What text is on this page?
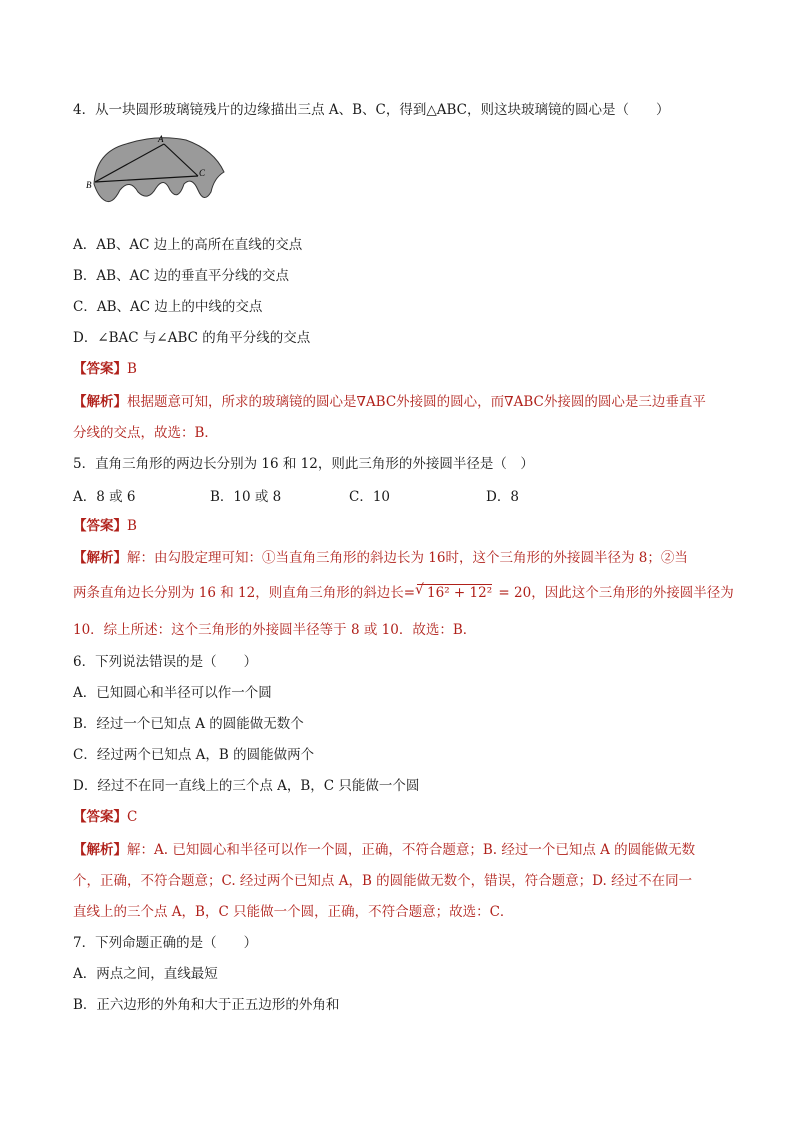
4．从一块圆形玻璃镜残片的边缘描出三点 A、B、C，得到△ABC，则这块玻璃镜的圆心是（　　）
A
B
C
A．AB、AC 边上的高所在直线的交点
B．AB、AC 边的垂直平分线的交点
C．AB、AC 边上的中线的交点
D．∠BAC 与∠ABC 的角平分线的交点
【答案】B
【解析】根据题意可知，所求的玻璃镜的圆心是∇ABC外接圆的圆心，而∇ABC外接圆的圆心是三边垂直平
分线的交点，故选：B．
5．直角三角形的两边长分别为 16 和 12，则此三角形的外接圆半径是（　）
A．8 或 6	B．10 或 8	C．10	D．8
【答案】B
【解析】解：由勾股定理可知：①当直角三角形的斜边长为 16时，这个三角形的外接圆半径为 8；②当
两条直角边长分别为 16 和 12，则直角三角形的斜边长=√ 16² + 12² = 20，因此这个三角形的外接圆半径为
10．综上所述：这个三角形的外接圆半径等于 8 或 10．故选：B．
6．下列说法错误的是（　　）
A．已知圆心和半径可以作一个圆
B．经过一个已知点 A 的圆能做无数个
C．经过两个已知点 A，B 的圆能做两个
D．经过不在同一直线上的三个点 A，B，C 只能做一个圆
【答案】C
【解析】解：A. 已知圆心和半径可以作一个圆，正确，不符合题意；B. 经过一个已知点 A 的圆能做无数
个，正确，不符合题意；C. 经过两个已知点 A，B 的圆能做无数个，错误，符合题意；D. 经过不在同一
直线上的三个点 A，B，C 只能做一个圆，正确，不符合题意；故选：C．
7．下列命题正确的是（　　）
A．两点之间，直线最短
B．正六边形的外角和大于正五边形的外角和
